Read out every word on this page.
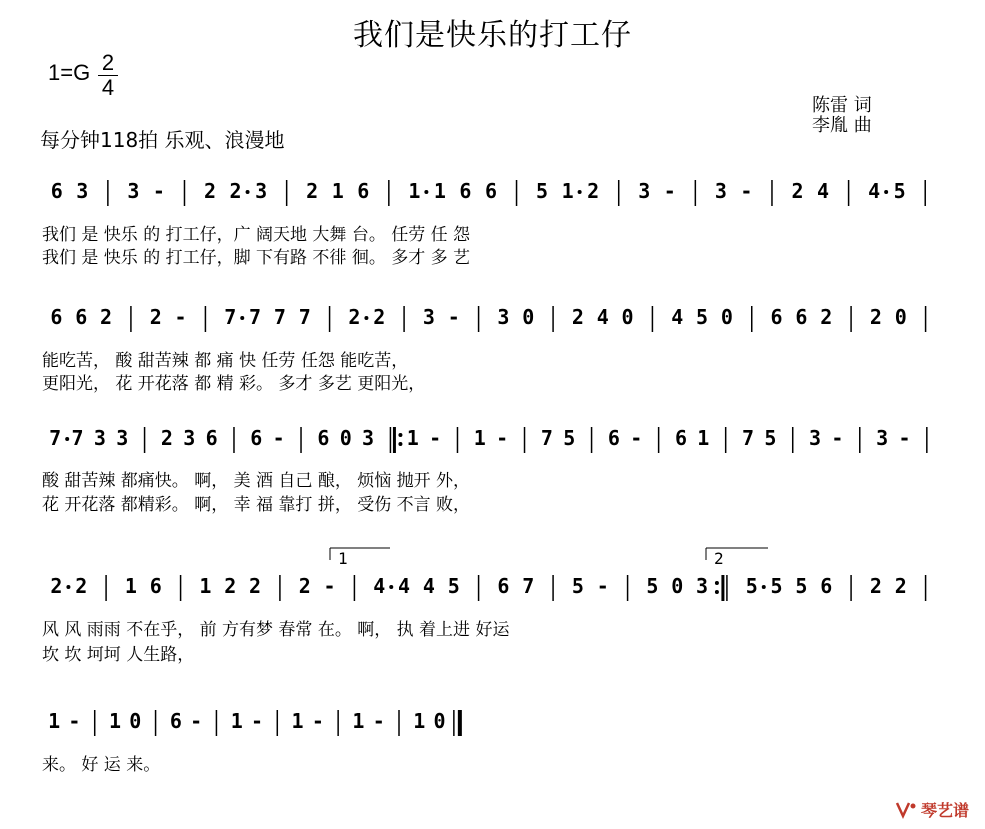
我们是快乐的打工仔
1=G 2
4
每分钟118拍 乐观、浪漫地
陈雷 词
李胤 曲
6 3 3 - 2 2 3 2 1 6 1 1 6 6 5 1 2 3 - 3 - 2 4 4 5
6 6 2 2 - 7 7 7 7 2 2 3 - 3 0 2 4 0 4 5 0 6 6 2 2 0
7 7 3 3 2 3 6 6 - 6 0 3 1 - 1 - 7 5 6 - 6 1 7 5 3 - 3 -
2 2 1 6 1 2 2 2 - 4 4 4 5 6 7 5 - 5 0 3 5 5 5 6 2 2
1 - 1 0 6 - 1 - 1 - 1 - 1 0
1	2
我们 是 快乐 的 打工仔，广 阔天地 大舞 台。 任劳 任 怨
我们 是 快乐 的 打工仔，脚 下有路 不徘 徊。 多才 多 艺
能吃苦， 酸 甜苦辣 都 痛 快 任劳 任怨 能吃苦，
更阳光， 花 开花落 都 精 彩。 多才 多艺 更阳光，
酸 甜苦辣 都痛快。 啊， 美 酒 自己 酿， 烦恼 抛开 外，
花 开花落 都精彩。 啊， 幸 福 靠打 拼， 受伤 不言 败，
风 风 雨雨 不在乎， 前 方有梦 春常 在。 啊， 执 着上进 好运
坎 坎 坷坷 人生路，
来。 好 运 来。
琴艺谱
